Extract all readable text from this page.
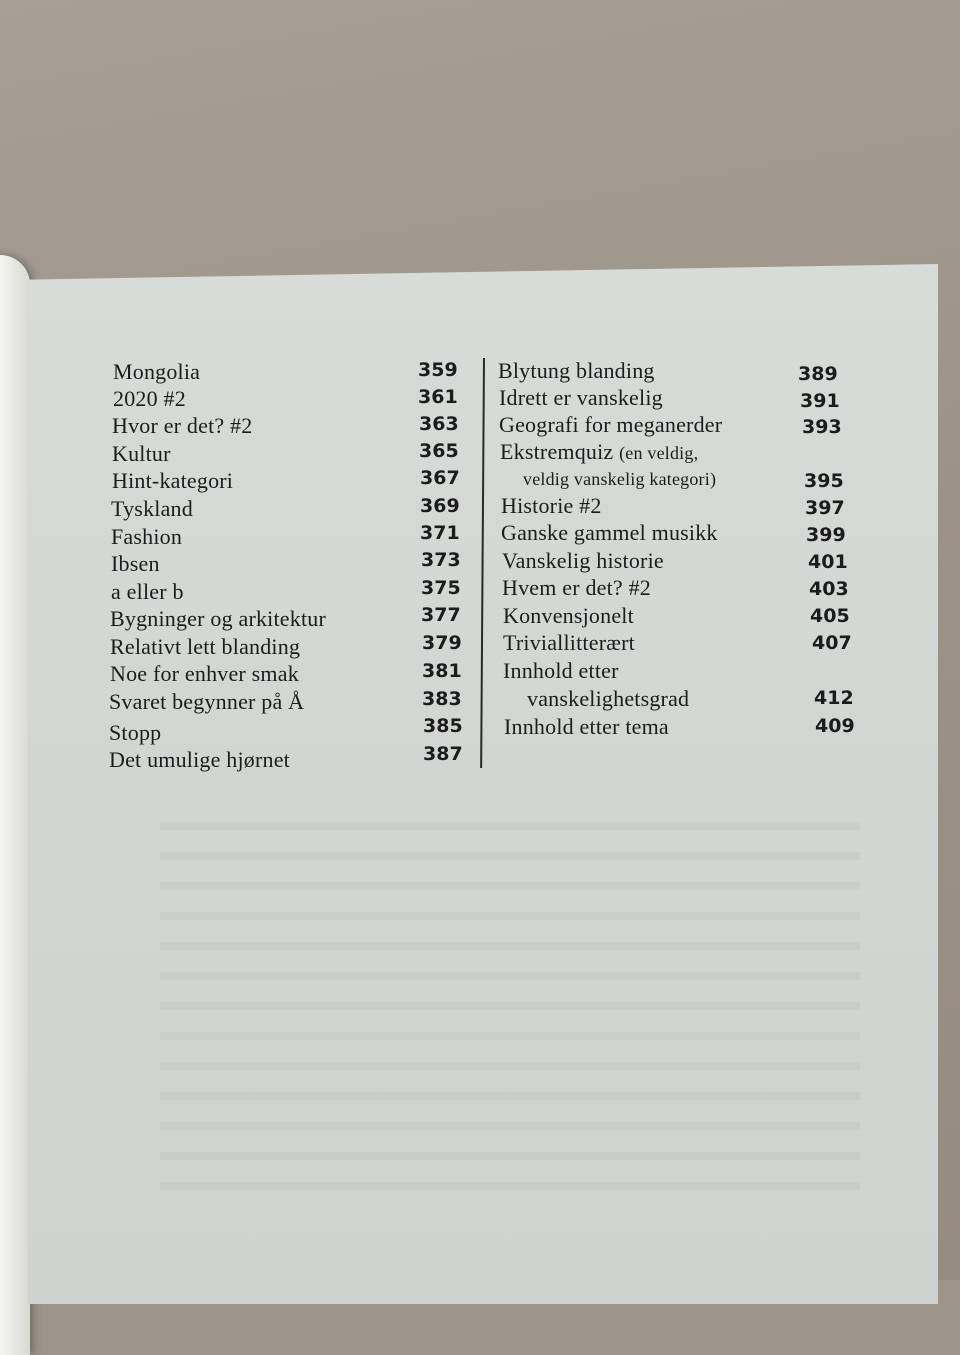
Mongolia	359
2020 #2	361
Hvor er det? #2	363
Kultur	365
Hint-kategori	367
Tyskland	369
Fashion	371
Ibsen	373
a eller b	375
Bygninger og arkitektur	377
Relativt lett blanding	379
Noe for enhver smak	381
Svaret begynner på Å	383
Stopp	385
Det umulige hjørnet	387
Blytung blanding	389
Idrett er vanskelig	391
Geografi for meganerder	393
Ekstremquiz (en veldig,
veldig vanskelig kategori)	395
Historie #2	397
Ganske gammel musikk	399
Vanskelig historie	401
Hvem er det? #2	403
Konvensjonelt	405
Triviallitterært	407
Innhold etter
vanskelighetsgrad	412
Innhold etter tema	409
